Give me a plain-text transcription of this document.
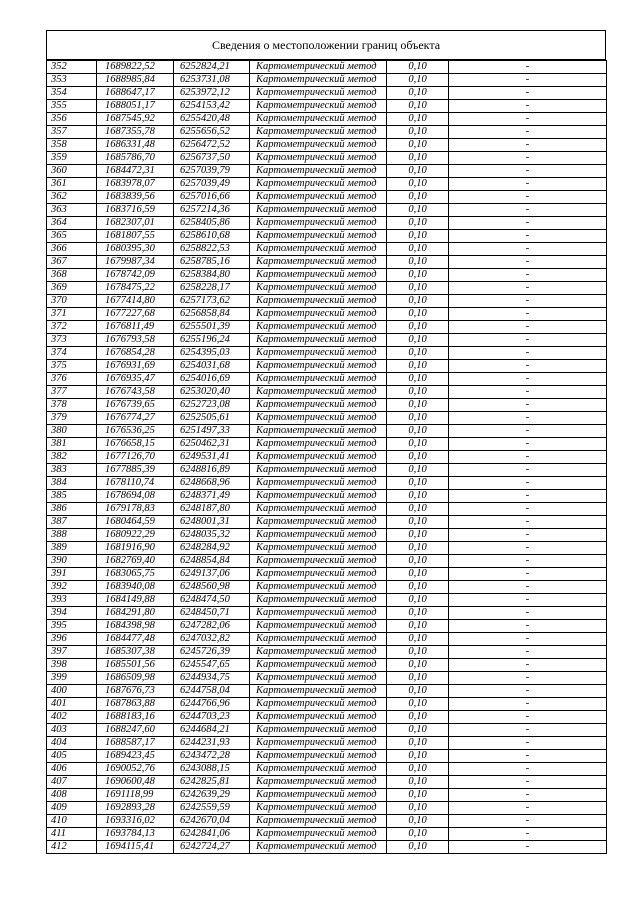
Сведения о местоположении границ объекта
352	1689822,52	6252824,21	Картометрический метод	0,10	-
353	1688985,84	6253731,08	Картометрический метод	0,10	-
354	1688647,17	6253972,12	Картометрический метод	0,10	-
355	1688051,17	6254153,42	Картометрический метод	0,10	-
356	1687545,92	6255420,48	Картометрический метод	0,10	-
357	1687355,78	6255656,52	Картометрический метод	0,10	-
358	1686331,48	6256472,52	Картометрический метод	0,10	-
359	1685786,70	6256737,50	Картометрический метод	0,10	-
360	1684472,31	6257039,79	Картометрический метод	0,10	-
361	1683978,07	6257039,49	Картометрический метод	0,10	-
362	1683839,56	6257016,66	Картометрический метод	0,10	-
363	1683716,59	6257214,36	Картометрический метод	0,10	-
364	1682307,01	6258405,86	Картометрический метод	0,10	-
365	1681807,55	6258610,68	Картометрический метод	0,10	-
366	1680395,30	6258822,53	Картометрический метод	0,10	-
367	1679987,34	6258785,16	Картометрический метод	0,10	-
368	1678742,09	6258384,80	Картометрический метод	0,10	-
369	1678475,22	6258228,17	Картометрический метод	0,10	-
370	1677414,80	6257173,62	Картометрический метод	0,10	-
371	1677227,68	6256858,84	Картометрический метод	0,10	-
372	1676811,49	6255501,39	Картометрический метод	0,10	-
373	1676793,58	6255196,24	Картометрический метод	0,10	-
374	1676854,28	6254395,03	Картометрический метод	0,10	-
375	1676931,69	6254031,68	Картометрический метод	0,10	-
376	1676935,47	6254016,69	Картометрический метод	0,10	-
377	1676743,58	6253020,40	Картометрический метод	0,10	-
378	1676739,65	6252723,08	Картометрический метод	0,10	-
379	1676774,27	6252505,61	Картометрический метод	0,10	-
380	1676536,25	6251497,33	Картометрический метод	0,10	-
381	1676658,15	6250462,31	Картометрический метод	0,10	-
382	1677126,70	6249531,41	Картометрический метод	0,10	-
383	1677885,39	6248816,89	Картометрический метод	0,10	-
384	1678110,74	6248668,96	Картометрический метод	0,10	-
385	1678694,08	6248371,49	Картометрический метод	0,10	-
386	1679178,83	6248187,80	Картометрический метод	0,10	-
387	1680464,59	6248001,31	Картометрический метод	0,10	-
388	1680922,29	6248035,32	Картометрический метод	0,10	-
389	1681916,90	6248284,92	Картометрический метод	0,10	-
390	1682769,40	6248854,84	Картометрический метод	0,10	-
391	1683065,75	6249137,06	Картометрический метод	0,10	-
392	1683940,08	6248560,98	Картометрический метод	0,10	-
393	1684149,88	6248474,50	Картометрический метод	0,10	-
394	1684291,80	6248450,71	Картометрический метод	0,10	-
395	1684398,98	6247282,06	Картометрический метод	0,10	-
396	1684477,48	6247032,82	Картометрический метод	0,10	-
397	1685307,38	6245726,39	Картометрический метод	0,10	-
398	1685501,56	6245547,65	Картометрический метод	0,10	-
399	1686509,98	6244934,75	Картометрический метод	0,10	-
400	1687676,73	6244758,04	Картометрический метод	0,10	-
401	1687863,88	6244766,96	Картометрический метод	0,10	-
402	1688183,16	6244703,23	Картометрический метод	0,10	-
403	1688247,60	6244684,21	Картометрический метод	0,10	-
404	1688587,17	6244231,93	Картометрический метод	0,10	-
405	1689423,45	6243472,28	Картометрический метод	0,10	-
406	1690052,76	6243088,15	Картометрический метод	0,10	-
407	1690600,48	6242825,81	Картометрический метод	0,10	-
408	1691118,99	6242639,29	Картометрический метод	0,10	-
409	1692893,28	6242559,59	Картометрический метод	0,10	-
410	1693316,02	6242670,04	Картометрический метод	0,10	-
411	1693784,13	6242841,06	Картометрический метод	0,10	-
412	1694115,41	6242724,27	Картометрический метод	0,10	-
